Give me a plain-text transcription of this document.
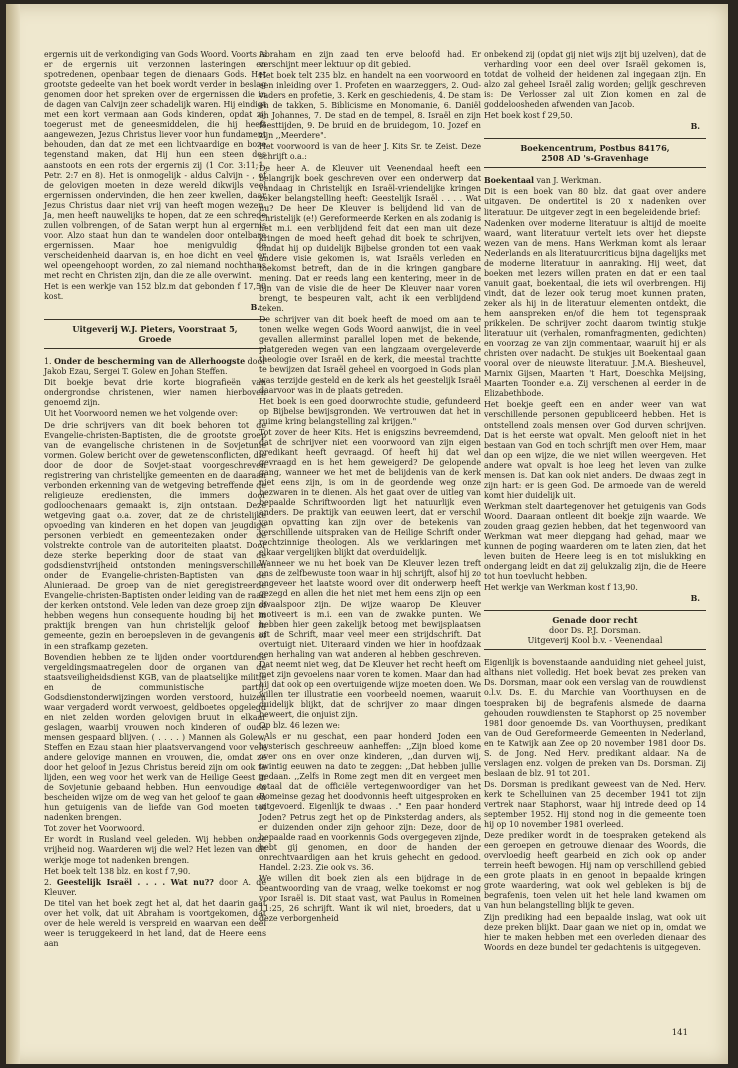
ergernis uit de verkondiging van Gods Woord. Voorts is er de ergernis uit verzonnen lasteringen en spotredenen, openbaar tegen de dienaars Gods. Het grootste gedeelte van het boek wordt verder in beslag genomen door het spreken over de ergernissen die in de dagen van Calvijn zeer schadelijk waren. Hij eindigt met een kort vermaan aan Gods kinderen, opdat zij toegerust met de geneesmiddelen, die hij heeft aangewezen, Jezus Christus liever voor hun fundament behouden, dan dat ze met een lichtvaardige en boze tegenstand maken, dat Hij hun een steen des aanstoots en een rots der ergernis zij (1 Cor. 3:11;1, Petr. 2:7 en 8). Het is onmogelijk - aldus Calvijn - , of de gelovigen moeten in deze wereld dikwijls veel ergernissen ondervinden, die hen zeer kwellen, daar Jezus Christus daar niet vrij van heeft mogen wezen. Ja, men heeft nauwelijks te hopen, dat ze een schrede zullen volbrengen, of de Satan werpt hun al ergernis voor. Alzo staat hun dan te wandelen door ontelbare ergernissen. Maar hoe menigvuldig de verscheidenheid daarvan is, en hoe dicht en veel er wel opeengehoopt worden, zo zal niemand nochthans met recht en Christen zijn, dan die ze alle overwint.

Het is een werkje van 152 blz.m dat gebonden f 17,50 kost.

B.
Uitgeverij W.J. Pieters, Voorstraat 5,
Groede

1. Onder de bescherming van de Allerhoogste door Jakob Ezau, Sergei T. Golew en Johan Steffen.

Dit boekje bevat drie korte biografieën van ondergrondse christenen, wier namen hierboven genoemd zijn.

Uit het Voorwoord nemen we het volgende over:

De drie schrijvers van dit boek behoren tot de Evangelie-christen-Baptisten, die de grootste groep van de evangelische christenen in de Sovjetunie vormen. Golew bericht over de gewetensconflicten, die door de door de Sovjet-staat voorgeschreven registrering van christelijke gemeenten en de daaraan verbonden erkenning van de wetgeving betreffende de religieuze erediensten, die immers door godloochenaars gemaakt is, zijn ontstaan. Deze wetgeving gaat o.a. zover, dat ze de christelijke opvoeding van kinderen en het dopen van jeugdige personen verbiedt en gemeentezaken onder de volstrekte controle van de autoriteiten plaatst. Door deze sterke beperking door de staat van de godsdienstvrijheid ontstonden meningsverschillen onder de Evangelie-christen-Baptisten van de Alunieraad. De groep van de niet geregistreerde Evangelie-christen-Baptisten onder leiding van de raad der kerken ontstond. Vele leden van deze groep zijn of hebben wegens hun consequente houding bij het in praktijk brengen van hun christelijk geloof in gemeente, gezin en beroepsleven in de gevangenis of in een strafkamp gezeten.

Bovendien hebben ze te lijden onder voortdurende vergeldingsmaatregelen door de organen van de staatsveiligheidsdienst KGB, van de plaatselijke militie en de communistische partij. Godsdienstonderwijzingen worden verstoord, huizen waar vergaderd wordt verwoest, geldboetes opgelegd en niet zelden worden gelovigen bruut in elkaar geslagen, waarbij vrouwen noch kinderen of oude mensen gespaard blijven. ( . . . . ) Mannen als Golew, Steffen en Ezau staan hier plaatsvervangend voor vele andere gelovige mannen en vrouwen, die, omdat ze door het geloof in Jezus Christus bereid zijn om ook te lijden, een weg voor het werk van de Heilige Geest in de Sovjetunie gebaand hebben. Hun eenvoudige en bescheiden wijze om de weg van het geloof te gaan en hun getuigenis van de liefde van God moeten tot nadenken brengen.

Tot zover het Voorwoord.

Er wordt in Rusland veel geleden. Wij hebben onze vrijheid nog. Waarderen wij die wel? Het lezen van dit werkje moge tot nadenken brengen.

Het boek telt 138 blz. en kost f 7,90.

2. Geestelijk Israël . . . . Wat nu?? door A. de Kleuver.

De titel van het boek zegt het al, dat het daarin gaat over het volk, dat uit Abraham is voortgekomen, dat over de hele wereld is verspreid en waarvan een deel weer is teruggekeerd in het land, dat de Heere eens aan

Abraham en zijn zaad ten erve beloofd had. Er verschijnt meer lektuur op dit gebied.

Het boek telt 235 blz. en handelt na een voorwoord en een inleiding over 1. Profeten en waarzeggers, 2. Oud-vaders en profetie, 3. Kerk en geschiedenis, 4. De stam en de takken, 5. Biblicisme en Monomanie, 6. Daniël en Johannes, 7. De stad en de tempel, 8. Israël en zijn feesttijden, 9. De bruid en de bruidegom, 10. Jozef en zijn ,,Meerdere".

Het voorwoord is van de heer J. Kits Sr. te Zeist. Deze schrijft o.a.:

De heer A. de Kleuver uit Veenendaal heeft een belangrijk boek geschreven over een onderwerp dat vandaag in Christelijk en Israël-vriendelijke kringen zeker belangstelling heeft: Geestelijk Israël . . . . Wat nu? De heer De Kleuver is belijdend lid van de Christelijk (e!) Gereformeerde Kerken en als zodanig is het m.i. een verblijdend feit dat een man uit deze kringen de moed heeft gehad dit boek te schrijven, omdat hij op duidelijk Bijbelse gronden tot een vaak andere visie gekomen is, wat Israëls verleden en toekomst betreft, dan de in die kringen gangbare mening. Dat er reeds lang een kentering, meer in de lijn van de visie die de heer De Kleuver naar voren brengt, te bespeuren valt, acht ik een verblijdend teken.

De schrijver van dit boek heeft de moed om aan te tonen welke wegen Gods Woord aanwijst, die in veel gevallen allerminst parallel lopen met de bekende, platgereden wegen van een langzaam overgeleverde theologie over Israël en de kerk, die meestal trachtte te bewijzen dat Israël geheel en voorgoed in Gods plan was terzijde gesteld en de kerk als het geestelijk Israël daarvoor was in de plaats getreden.

Het boek is een goed doorwrochte studie, gefundeerd op Bijbelse bewijsgronden. We vertrouwen dat het in ruime kring belangstelling zal krijgen."

Tot zover de heer Kits. Het is enigszins bevreemdend, dat de schrijver niet een voorwoord van zijn eigen predikant heeft gevraagd. Of heeft hij dat wel gevraagd en is het hem geweigerd? De gelopende gang, wanneer we het met de belijdenis van de kerk niet eens zijn, is om in de geordende weg onze bezwaren in te dienen. Als het gaat over de uitleg van bepaalde Schriftwoorden ligt het natuurlijk even anders. De praktijk van eeuwen leert, dat er verschil van opvatting kan zijn over de betekenis van verschillende uitspraken van de Heilige Schrift onder rechtzinnige theologen. Als we verklaringen met elkaar vergelijken blijkt dat overduidelijk.

Wanneer we nu het boek van De Kleuver lezen treft ons de zelfbewuste toon waar in hij schrijft, alsof hij zo ongeveer het laatste woord over dit onderwerp heeft gezegd en allen die het niet met hem eens zijn op een dwaalspoor zijn. De wijze waarop De Kleuver motiveert is m.i. een van de zwakke punten. We hebben hier geen zakelijk betoog met bewijsplaatsen uit de Schrift, maar veel meer een strijdschrift. Dat overtuigt niet. Uiteraard vinden we hier in hoofdzaak een herhaling van wat anderen al hebben geschreven. Dat neemt niet weg, dat De Kleuver het recht heeft om met zijn gevoelens naar voren te komen. Maar dan had hij dat ook op een overtuigende wijze moeten doen. We willen ter illustratie een voorbeeld noemen, waaruit duidelijk blijkt, dat de schrijver zo maar dingen beweert, die onjuist zijn.

Op blz. 46 lezen we:

,,Als er nu geschat, een paar honderd Joden een hysterisch geschreeuw aanheffen: ,,Zijn bloed kome over ons en over onze kinderen, ,,dan durven wij, twintig eeuwen na dato te zeggen: ,,Dat hebben jullie gedaan. ,,Zelfs in Rome zegt men dit en vergeet men totaal dat de officiële vertegenwoordiger van het Romeinse gezag het doodvonnis heeft uitgesproken en uitgevoerd. Eigenlijk te dwaas . ." Een paar honderd Joden? Petrus zegt het op de Pinksterdag anders, als er duizenden onder zijn gehoor zijn: Deze, door de bepaalde raad en voorkennis Gods overgegeven zijnde, hebt gij genomen, en door de handen der onrechtvaardigen aan het kruis gehecht en gedood. Handel. 2:23. Zie ook vs. 36.

We willen dit boek zien als een bijdrage in de beantwoording van de vraag, welke toekomst er nog voor Israël is. Dit staat vast, wat Paulus in Romeinen 11:25, 26 schrijft. Want ik wil niet, broeders, dat u deze verborgenheid

onbekend zij (opdat gij niet wijs zijt bij uzelven), dat de verharding voor een deel over Israël gekomen is, totdat de volheid der heidenen zal ingegaan zijn. En alzo zal geheel Israël zalig worden; gelijk geschreven is: De Verlosser zal uit Zion komen en zal de goddeloosheden afwenden van Jacob.

Het boek kost f 29,50.

B.
Boekencentrum, Postbus 84176,
2508 AD 's-Gravenhage

Boekentaal van J. Werkman.

Dit is een boek van 80 blz. dat gaat over andere uitgaven. De ondertitel is 20 x nadenken over literatuur. De uitgever zegt in een begeleidende brief:

Nadenken over moderne literatuur is altijd de moeite waard, want literatuur vertelt iets over het diepste wezen van de mens. Hans Werkman komt als leraar Nederlands en als literatuurcriticus bijna dagelijks met de moderne literatuur in aanraking. Hij weet, dat boeken met lezers willen praten en dat er een taal vanuit gaat, boekentaal, die iets wil overbrengen. Hij vindt, dat de lezer ook terug moet kunnen praten, zeker als hij in de literatuur elementen ontdekt, die hem aanspreken en/of die hem tot tegenspraak prikkelen. De schrijver zocht daarom twintig stukje literatuur uit (verhalen, romanfragmenten, gedichten) en voorzag ze van zijn commentaar, waaruit hij er als christen over nadacht. De stukjes uit Boekentaal gaan vooral over de nieuwste literatuur. J.M.A. Biesheuvel, Marnix Gijsen, Maarten 't Hart, Doeschka Meijsing, Maarten Toonder e.a. Zij verschenen al eerder in de Elizabethbode.

Het boekje geeft een en ander weer van wat verschillende personen gepubliceerd hebben. Het is ontstellend zoals mensen over God durven schrijven. Dat is het eerste wat opvalt. Men gelooft niet in het bestaan van God en toch schrijft men over Hem, maar dan op een wijze, die we niet willen weergeven. Het andere wat opvalt is hoe leeg het leven van zulke mensen is. Dat kan ook niet anders. De dwaas zegt in zijn hart: er is geen God. De armoede van de wereld komt hier duidelijk uit.

Werkman stelt daartegenover het getuigenis van Gods Woord. Daaraan ontleent dit boekje zijn waarde. We zouden graag gezien hebben, dat het tegenwoord van Werkman wat meer diepgang had gehad, maar we kunnen de poging waarderen om te laten zien, dat het leven buiten de Heere leeg is en tot mislukking en ondergang leidt en dat zij gelukzalig zijn, die de Heere tot hun toevlucht hebben.

Het werkje van Werkman kost f 13,90.

B.
Genade door recht
door Ds. P.J. Dorsman.
Uitgeverij Kool b.v. - Veenendaal

Eigenlijk is bovenstaande aanduiding niet geheel juist, althans niet volledig. Het boek bevat zes preken van Ds. Dorsman, maar ook een verslag van de rouwdienst o.l.v. Ds. E. du Marchie van Voorthuysen en de toespraken bij de begrafenis alsmede de daarna gehouden rouwdiensten te Staphorst op 25 november 1981 door genoemde Ds. van Voorthuysen, predikant van de Oud Gereformeerde Gemeenten in Nederland, en te Katwijk aan Zee op 20 november 1981 door Ds. S. de Jong. Ned Herv. predikant aldaar. Na de verslagen enz. volgen de preken van Ds. Dorsman. Zij beslaan de blz. 91 tot 201.

Ds. Dorsman is predikant geweest van de Ned. Herv. kerk te Schelluinen van 25 december 1941 tot zijn vertrek naar Staphorst, waar hij intrede deed op 14 september 1952. Hij stond nog in die gemeente toen hij op 10 november 1981 overleed.

Deze prediker wordt in de toespraken getekend als een geroepen en getrouwe dienaar des Woords, die overvloedig heeft gearbeid en zich ook op ander terrein heeft bewogen. Hij nam op verschillend gebied een grote plaats in en genoot in bepaalde kringen grote waardering, wat ook wel gebleken is bij de begrafenis, toen velen uit het hele land kwamen om van hun belangstelling blijk te geven.

Zijn prediking had een bepaalde inslag, wat ook uit deze preken blijkt. Daar gaan we niet op in, omdat we hier te maken hebben met een overleden dienaar des Woords en deze bundel ter gedachtenis is uitgegeven.

141
